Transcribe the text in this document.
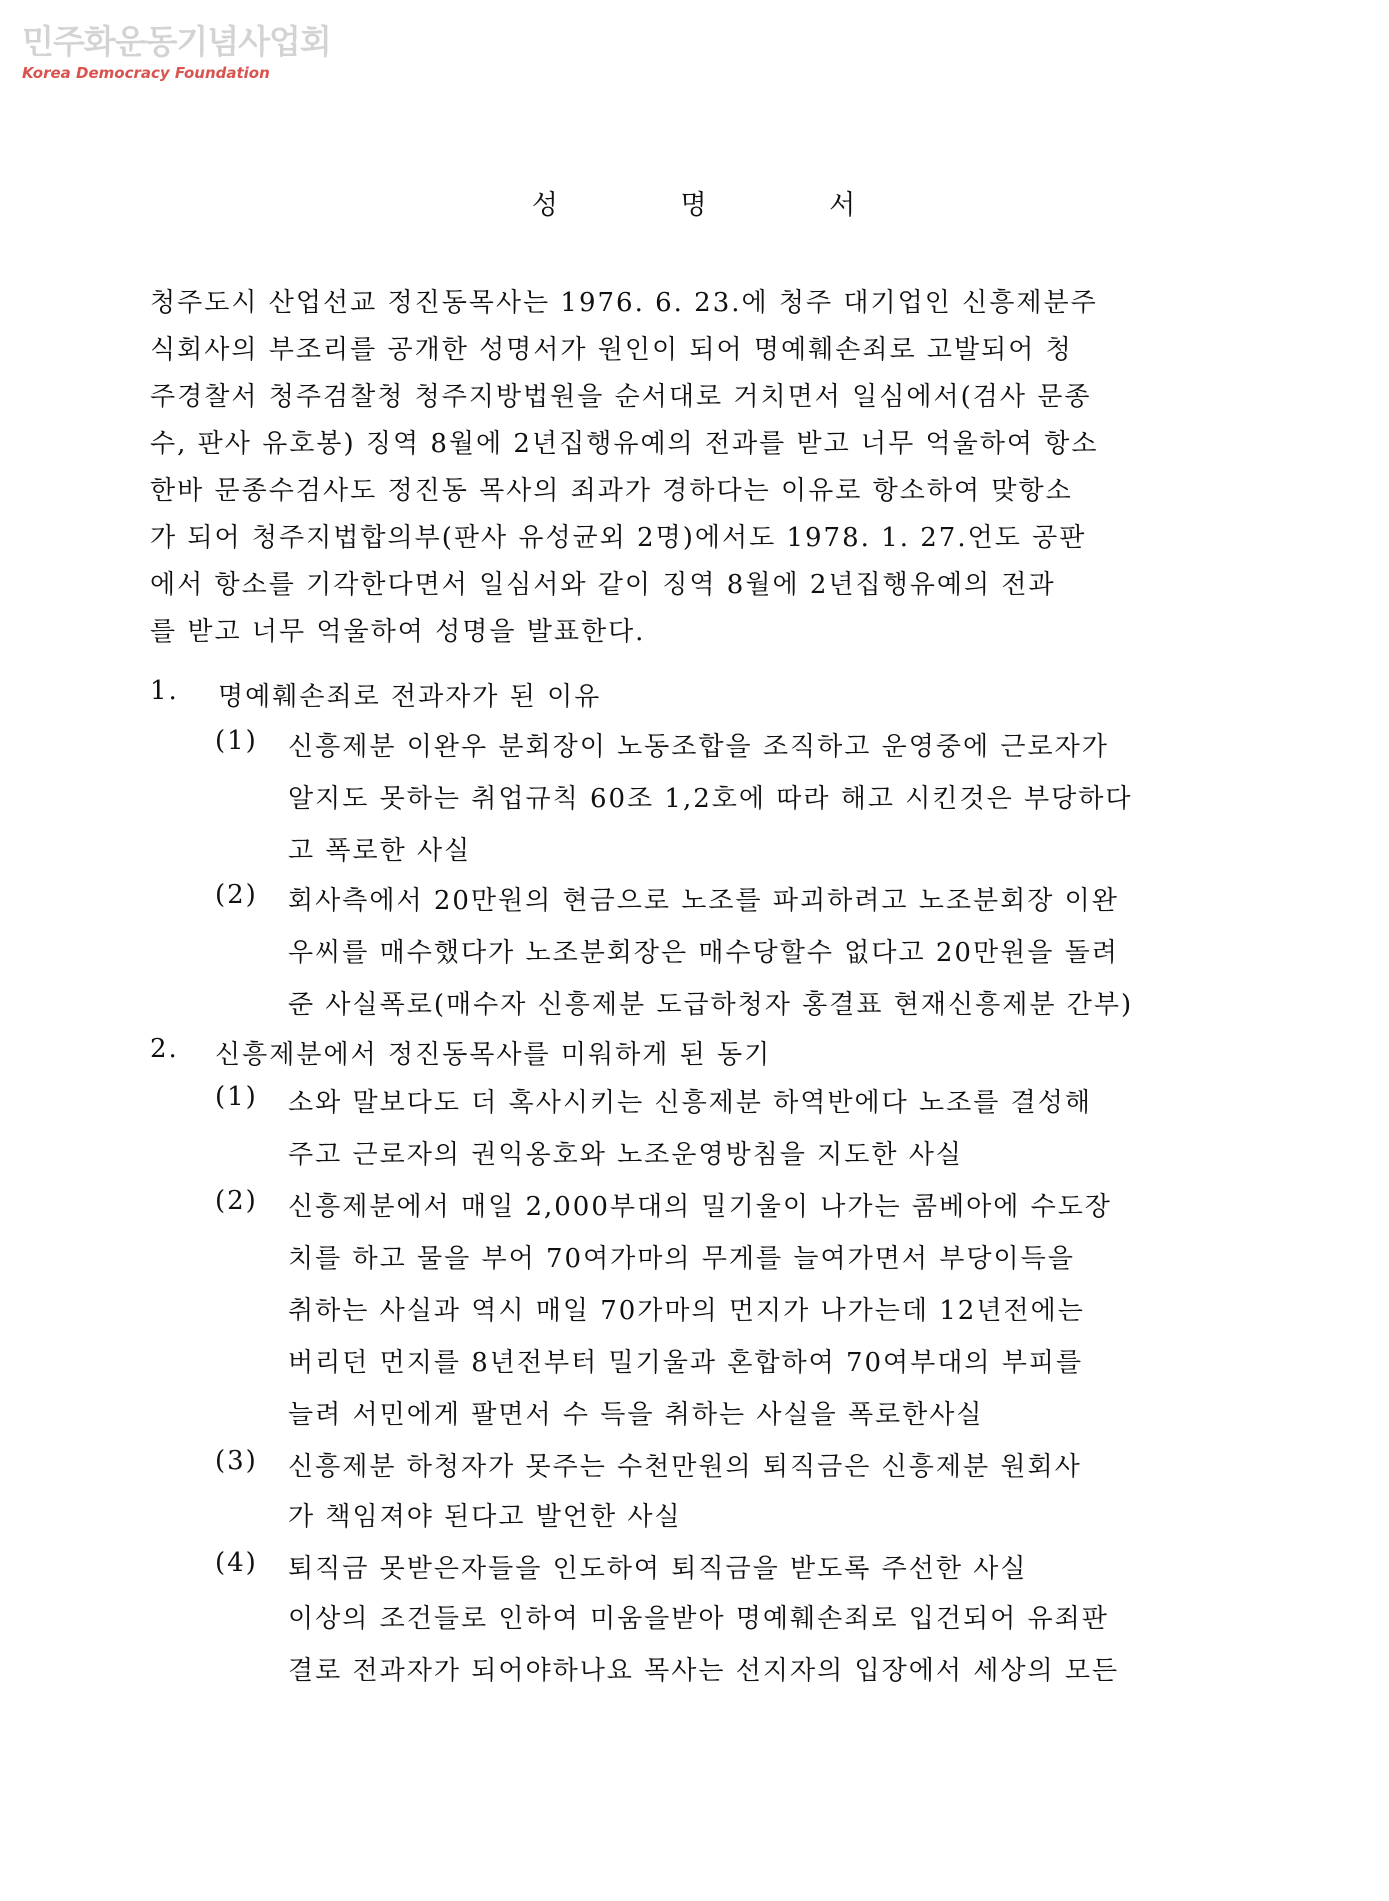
민주화운동기념사업회
Korea Democracy Foundation
성 명 서
청주도시 산업선교 정진동목사는 1976. 6. 23.에 청주 대기업인 신흥제분주
식회사의 부조리를 공개한 성명서가 원인이 되어 명예훼손죄로 고발되어 청
주경찰서 청주검찰청 청주지방법원을 순서대로 거치면서 일심에서(검사 문종
수, 판사 유호봉) 징역 8월에 2년집행유예의 전과를 받고 너무 억울하여 항소
한바 문종수검사도 정진동 목사의 죄과가 경하다는 이유로 항소하여 맞항소
가 되어 청주지법합의부(판사 유성균외 2명)에서도 1978. 1. 27.언도 공판
에서 항소를 기각한다면서 일심서와 같이 징역 8월에 2년집행유예의 전과
를 받고 너무 억울하여 성명을 발표한다.
1. 명예훼손죄로 전과자가 된 이유
(1) 신흥제분 이완우 분회장이 노동조합을 조직하고 운영중에 근로자가
알지도 못하는 취업규칙 60조 1,2호에 따라 해고 시킨것은 부당하다
고 폭로한 사실
(2) 회사측에서 20만원의 현금으로 노조를 파괴하려고 노조분회장 이완
우씨를 매수했다가 노조분회장은 매수당할수 없다고 20만원을 돌려
준 사실폭로(매수자 신흥제분 도급하청자 홍결표 현재신흥제분 간부)
2. 신흥제분에서 정진동목사를 미워하게 된 동기
(1) 소와 말보다도 더 혹사시키는 신흥제분 하역반에다 노조를 결성해
주고 근로자의 권익옹호와 노조운영방침을 지도한 사실
(2) 신흥제분에서 매일 2,000부대의 밀기울이 나가는 콤베아에 수도장
치를 하고 물을 부어 70여가마의 무게를 늘여가면서 부당이득을
취하는 사실과 역시 매일 70가마의 먼지가 나가는데 12년전에는
버리던 먼지를 8년전부터 밀기울과 혼합하여 70여부대의 부피를
늘려 서민에게 팔면서 수 득을 취하는 사실을 폭로한사실
(3) 신흥제분 하청자가 못주는 수천만원의 퇴직금은 신흥제분 원회사
가 책임져야 된다고 발언한 사실
(4) 퇴직금 못받은자들을 인도하여 퇴직금을 받도록 주선한 사실
이상의 조건들로 인하여 미움을받아 명예훼손죄로 입건되어 유죄판
결로 전과자가 되어야하나요 목사는 선지자의 입장에서 세상의 모든
